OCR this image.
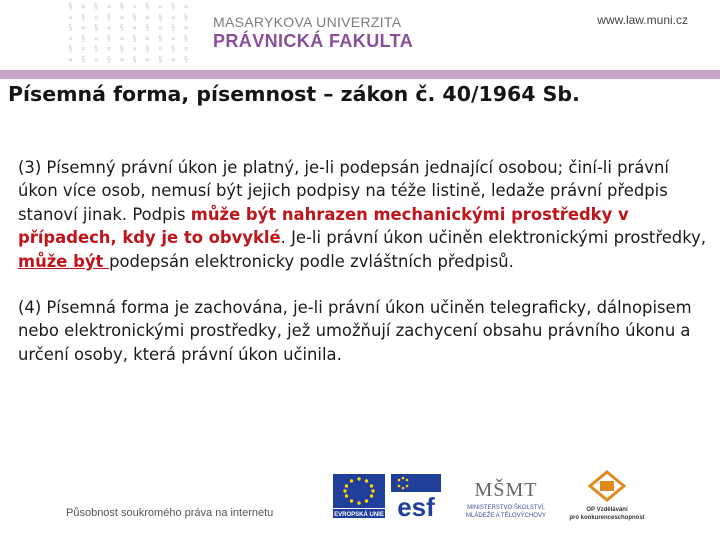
§ ¤ § ¤ § ¤ § ¤ § ¤
¤ § ¤ § ¤ § ¤ § ¤ §
§ ¤ § ¤ § ¤ § ¤ § ¤
¤ § ¤ § ¤ § ¤ § ¤ §
§ ¤ § ¤ § ¤ § ¤ § ¤
¤ § ¤ § ¤ § ¤ § ¤ §
MASARYKOVA UNIVERZITA
PRÁVNICKÁ FAKULTA
www.law.muni.cz
Písemná forma, písemnost – zákon č. 40/1964 Sb.

(3) Písemný právní úkon je platný, je-li podepsán jednající osobou; činí-li právní úkon více osob, nemusí být jejich podpisy na téže listině, ledaže právní předpis stanoví jinak. Podpis může být nahrazen mechanickými prostředky v případech, kdy je to obvyklé. Je-li právní úkon učiněn elektronickými prostředky, může být podepsán elektronicky podle zvláštních předpisů.

(4) Písemná forma je zachována, je-li právní úkon učiněn telegraficky, dálnopisem nebo elektronickými prostředky, jež umožňují zachycení obsahu právního úkonu a určení osoby, která právní úkon učinila.

Působnost soukromého práva na internetu	EVROPSKÁ UNIE esf
MŠMT
MINISTERSTVO ŠKOLSTVÍ,
MLÁDEŽE A TĚLOVÝCHOVY
OP Vzdělávání
pro konkurenceschopnost
